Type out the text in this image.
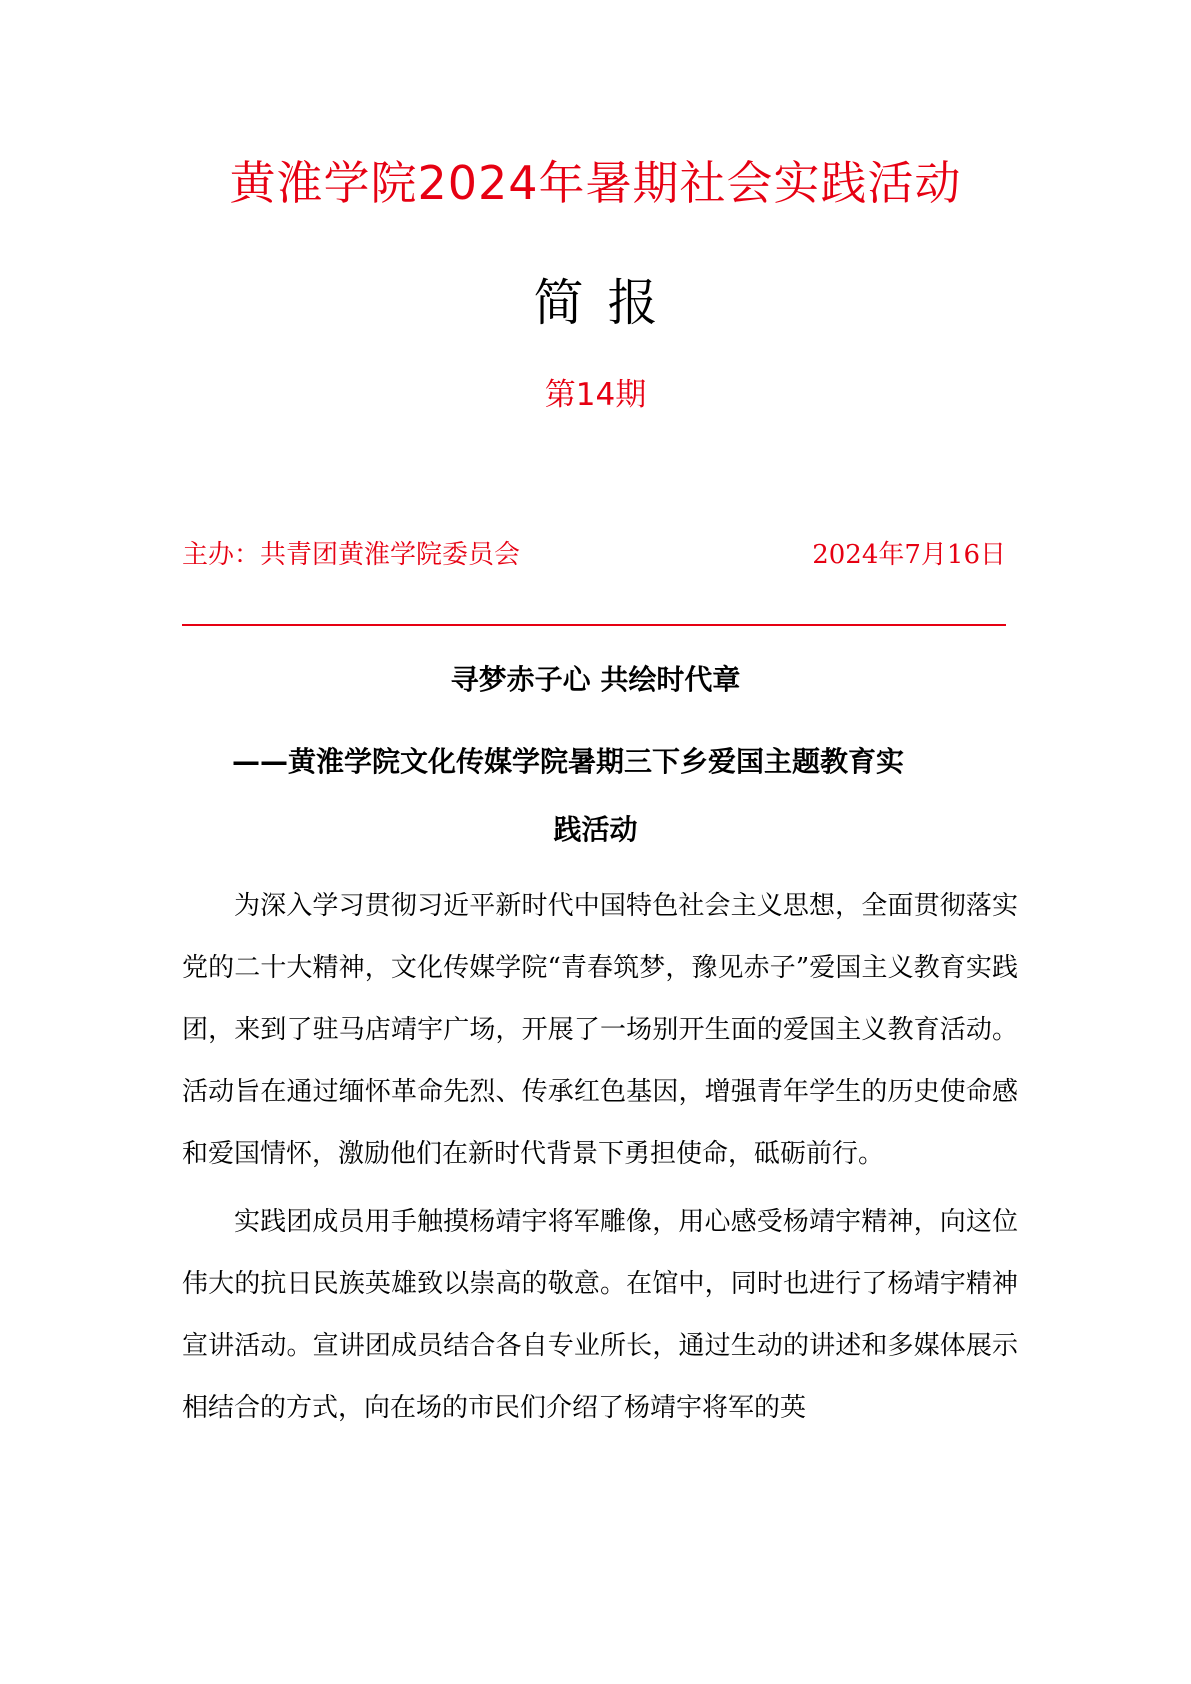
黄淮学院2024年暑期社会实践活动
简报
第14期
主办：共青团黄淮学院委员会	2024年7月16日
寻梦赤子心 共绘时代章
——黄淮学院文化传媒学院暑期三下乡爱国主题教育实
践活动

为深入学习贯彻习近平新时代中国特色社会主义思想，全面贯彻落实党的二十大精神，文化传媒学院“青春筑梦，豫见赤子”爱国主义教育实践团，来到了驻马店靖宇广场，开展了一场别开生面的爱国主义教育活动。活动旨在通过缅怀革命先烈、传承红色基因，增强青年学生的历史使命感和爱国情怀，激励他们在新时代背景下勇担使命，砥砺前行。

实践团成员用手触摸杨靖宇将军雕像，用心感受杨靖宇精神，向这位伟大的抗日民族英雄致以崇高的敬意。在馆中，同时也进行了杨靖宇精神宣讲活动。宣讲团成员结合各自专业所长，通过生动的讲述和多媒体展示相结合的方式，向在场的市民们介绍了杨靖宇将军的英
